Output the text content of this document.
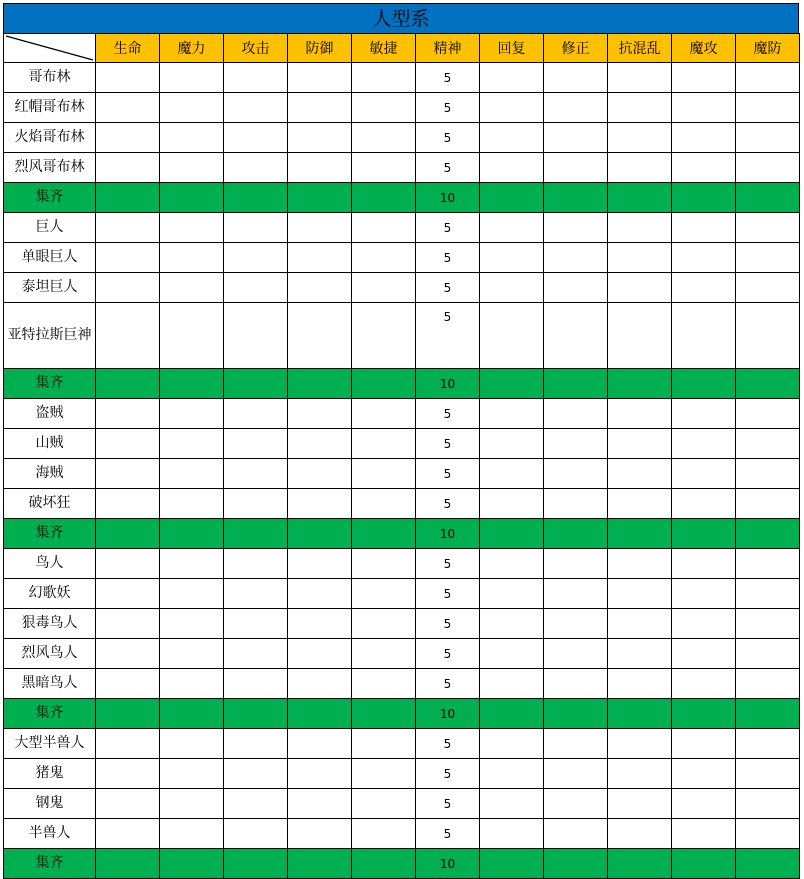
人型系
	生命	魔力	攻击	防御	敏捷	精神	回复	修正	抗混乱	魔攻	魔防
哥布林						5					
红帽哥布林						5					
火焰哥布林						5					
烈风哥布林						5					
集齐						10					
巨人						5					
单眼巨人						5					
泰坦巨人						5					
亚特拉斯巨神						5					
集齐						10					
盗贼						5					
山贼						5					
海贼						5					
破坏狂						5					
集齐						10					
鸟人						5					
幻歌妖						5					
狠毒鸟人						5					
烈风鸟人						5					
黑暗鸟人						5					
集齐						10					
大型半兽人						5					
猪鬼						5					
钢鬼						5					
半兽人						5					
集齐						10					
